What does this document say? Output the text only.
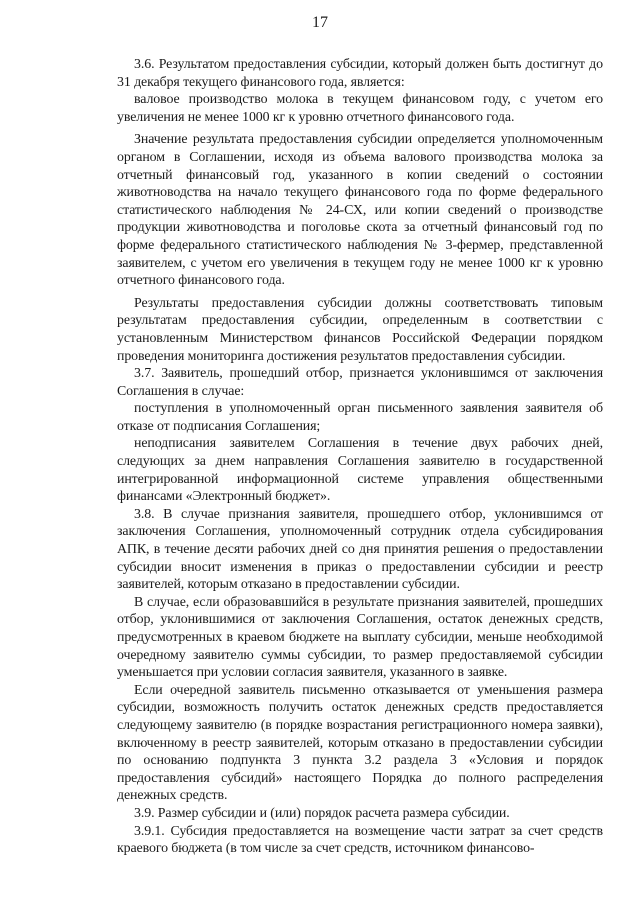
17

3.6. Результатом предоставления субсидии, который должен быть достигнут до 31 декабря текущего финансового года, является:

валовое производство молока в текущем финансовом году, с учетом его увеличения не менее 1000 кг к уровню отчетного финансового года.

Значение результата предоставления субсидии определяется уполномоченным органом в Соглашении, исходя из объема валового производства молока за отчетный финансовый год, указанного в копии сведений о состоянии животноводства на начало текущего финансового года по форме федерального статистического наблюдения № 24-СХ, или копии сведений о производстве продукции животноводства и поголовье скота за отчетный финансовый год по форме федерального статистического наблюдения № 3-фермер, представленной заявителем, с учетом его увеличения в текущем году не менее 1000 кг к уровню отчетного финансового года.

Результаты предоставления субсидии должны соответствовать типовым результатам предоставления субсидии, определенным в соответствии с установленным Министерством финансов Российской Федерации порядком проведения мониторинга достижения результатов предоставления субсидии.

3.7. Заявитель, прошедший отбор, признается уклонившимся от заключения Соглашения в случае:

поступления в уполномоченный орган письменного заявления заявителя об отказе от подписания Соглашения;

неподписания заявителем Соглашения в течение двух рабочих дней, следующих за днем направления Соглашения заявителю в государственной интегрированной информационной системе управления общественными финансами «Электронный бюджет».

3.8. В случае признания заявителя, прошедшего отбор, уклонившимся от заключения Соглашения, уполномоченный сотрудник отдела субсидирования АПК, в течение десяти рабочих дней со дня принятия решения о предоставлении субсидии вносит изменения в приказ о предоставлении субсидии и реестр заявителей, которым отказано в предоставлении субсидии.

В случае, если образовавшийся в результате признания заявителей, прошедших отбор, уклонившимися от заключения Соглашения, остаток денежных средств, предусмотренных в краевом бюджете на выплату субсидии, меньше необходимой очередному заявителю суммы субсидии, то размер предоставляемой субсидии уменьшается при условии согласия заявителя, указанного в заявке.

Если очередной заявитель письменно отказывается от уменьшения размера субсидии, возможность получить остаток денежных средств предоставляется следующему заявителю (в порядке возрастания регистрационного номера заявки), включенному в реестр заявителей, которым отказано в предоставлении субсидии по основанию подпункта 3 пункта 3.2 раздела 3 «Условия и порядок предоставления субсидий» настоящего Порядка до полного распределения денежных средств.

3.9. Размер субсидии и (или) порядок расчета размера субсидии.

3.9.1. Субсидия предоставляется на возмещение части затрат за счет средств краевого бюджета (в том числе за счет средств, источником финансово-
